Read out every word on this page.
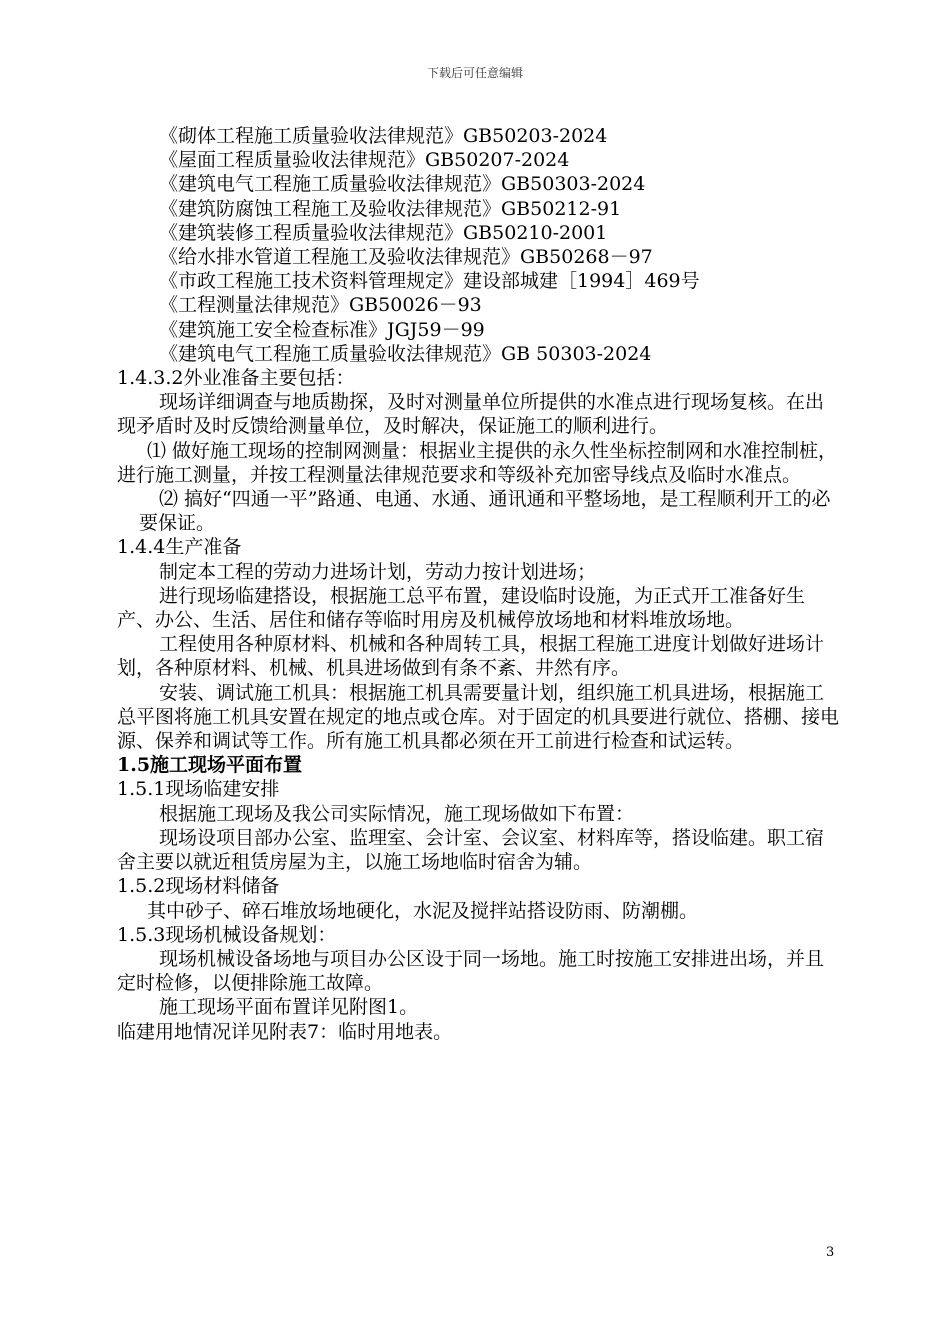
下载后可任意编辑

《砌体工程施工质量验收法律规范》GB50203-2024

《屋面工程质量验收法律规范》GB50207-2024

《建筑电气工程施工质量验收法律规范》GB50303-2024

《建筑防腐蚀工程施工及验收法律规范》GB50212-91

《建筑装修工程质量验收法律规范》GB50210-2001

《给水排水管道工程施工及验收法律规范》GB50268－97

《市政工程施工技术资料管理规定》建设部城建［1994］469号

《工程测量法律规范》GB50026－93

《建筑施工安全检查标准》JGJ59－99

《建筑电气工程施工质量验收法律规范》GB 50303-2024

1.4.3.2外业准备主要包括：

现场详细调查与地质勘探，及时对测量单位所提供的水准点进行现场复核。在出现矛盾时及时反馈给测量单位，及时解决，保证施工的顺利进行。

⑴ 做好施工现场的控制网测量：根据业主提供的永久性坐标控制网和水准控制桩，进行施工测量，并按工程测量法律规范要求和等级补充加密导线点及临时水准点。

⑵ 搞好“四通一平”路通、电通、水通、通讯通和平整场地，是工程顺利开工的必要保证。

1.4.4生产准备

制定本工程的劳动力进场计划，劳动力按计划进场；

进行现场临建搭设，根据施工总平布置，建设临时设施，为正式开工准备好生产、办公、生活、居住和储存等临时用房及机械停放场地和材料堆放场地。

工程使用各种原材料、机械和各种周转工具，根据工程施工进度计划做好进场计划，各种原材料、机械、机具进场做到有条不紊、井然有序。

安装、调试施工机具：根据施工机具需要量计划，组织施工机具进场，根据施工总平图将施工机具安置在规定的地点或仓库。对于固定的机具要进行就位、搭棚、接电源、保养和调试等工作。所有施工机具都必须在开工前进行检查和试运转。

1.5施工现场平面布置

1.5.1现场临建安排

根据施工现场及我公司实际情况，施工现场做如下布置：

现场设项目部办公室、监理室、会计室、会议室、材料库等，搭设临建。职工宿舍主要以就近租赁房屋为主，以施工场地临时宿舍为辅。

1.5.2现场材料储备

其中砂子、碎石堆放场地硬化，水泥及搅拌站搭设防雨、防潮棚。

1.5.3现场机械设备规划：

现场机械设备场地与项目办公区设于同一场地。施工时按施工安排进出场，并且定时检修，以便排除施工故障。

施工现场平面布置详见附图1。

临建用地情况详见附表7：临时用地表。

3
